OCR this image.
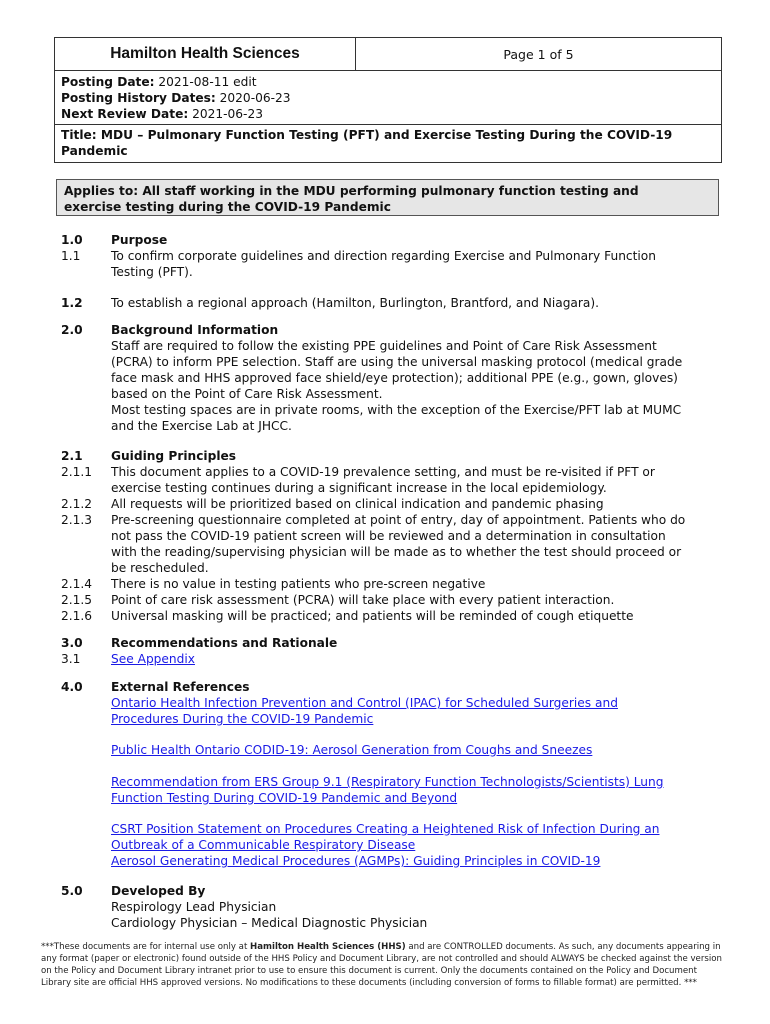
Hamilton Health Sciences	Page 1 of 5
Posting Date: 2021-08-11 edit
Posting History Dates: 2020-06-23
Next Review Date: 2021-06-23
Title: MDU – Pulmonary Function Testing (PFT) and Exercise Testing During the COVID-19
Pandemic
Applies to: All staff working in the MDU performing pulmonary function testing and
exercise testing during the COVID-19 Pandemic
1.0	Purpose
1.1	To confirm corporate guidelines and direction regarding Exercise and Pulmonary Function
Testing (PFT).
1.2	To establish a regional approach (Hamilton, Burlington, Brantford, and Niagara).
2.0	Background Information
Staff are required to follow the existing PPE guidelines and Point of Care Risk Assessment
(PCRA) to inform PPE selection. Staff are using the universal masking protocol (medical grade
face mask and HHS approved face shield/eye protection); additional PPE (e.g., gown, gloves)
based on the Point of Care Risk Assessment.
Most testing spaces are in private rooms, with the exception of the Exercise/PFT lab at MUMC
and the Exercise Lab at JHCC.
2.1	Guiding Principles
2.1.1	This document applies to a COVID-19 prevalence setting, and must be re-visited if PFT or
exercise testing continues during a significant increase in the local epidemiology.
2.1.2	All requests will be prioritized based on clinical indication and pandemic phasing
2.1.3	Pre-screening questionnaire completed at point of entry, day of appointment. Patients who do
not pass the COVID-19 patient screen will be reviewed and a determination in consultation
with the reading/supervising physician will be made as to whether the test should proceed or
be rescheduled.
2.1.4	There is no value in testing patients who pre-screen negative
2.1.5	Point of care risk assessment (PCRA) will take place with every patient interaction.
2.1.6	Universal masking will be practiced; and patients will be reminded of cough etiquette
3.0	Recommendations and Rationale
3.1	See Appendix
4.0	External References
Ontario Health Infection Prevention and Control (IPAC) for Scheduled Surgeries and
Procedures During the COVID-19 Pandemic
Public Health Ontario CODID-19: Aerosol Generation from Coughs and Sneezes
Recommendation from ERS Group 9.1 (Respiratory Function Technologists/Scientists) Lung
Function Testing During COVID-19 Pandemic and Beyond
CSRT Position Statement on Procedures Creating a Heightened Risk of Infection During an
Outbreak of a Communicable Respiratory Disease
Aerosol Generating Medical Procedures (AGMPs): Guiding Principles in COVID-19
5.0	Developed By
Respirology Lead Physician
Cardiology Physician – Medical Diagnostic Physician
***These documents are for internal use only at Hamilton Health Sciences (HHS) and are CONTROLLED documents. As such, any documents appearing in any format (paper or electronic) found outside of the HHS Policy and Document Library, are not controlled and should ALWAYS be checked against the version on the Policy and Document Library intranet prior to use to ensure this document is current. Only the documents contained on the Policy and Document Library site are official HHS approved versions. No modifications to these documents (including conversion of forms to fillable format) are permitted. ***
